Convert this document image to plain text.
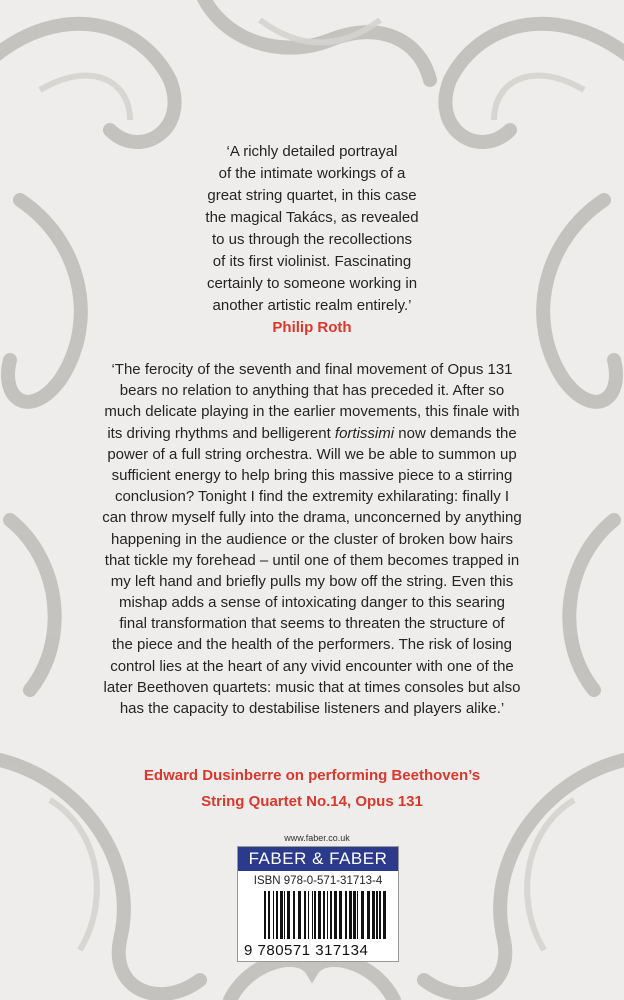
‘A richly detailed portrayal
of the intimate workings of a
great string quartet, in this case
the magical Takács, as revealed
to us through the recollections
of its first violinist. Fascinating
certainly to someone working in
another artistic realm entirely.’
Philip Roth
‘The ferocity of the seventh and final movement of Opus 131
bears no relation to anything that has preceded it. After so
much delicate playing in the earlier movements, this finale with
its driving rhythms and belligerent fortissimi now demands the
power of a full string orchestra. Will we be able to summon up
sufficient energy to help bring this massive piece to a stirring
conclusion? Tonight I find the extremity exhilarating: finally I
can throw myself fully into the drama, unconcerned by anything
happening in the audience or the cluster of broken bow hairs
that tickle my forehead – until one of them becomes trapped in
my left hand and briefly pulls my bow off the string. Even this
mishap adds a sense of intoxicating danger to this searing
final transformation that seems to threaten the structure of
the piece and the health of the performers. The risk of losing
control lies at the heart of any vivid encounter with one of the
later Beethoven quartets: music that at times consoles but also
has the capacity to destabilise listeners and players alike.’
Edward Dusinberre on performing Beethoven’s
String Quartet No.14, Opus 131
www.faber.co.uk
FABER & FABER
ISBN 978-0-571-31713-4
9 780571 317134
